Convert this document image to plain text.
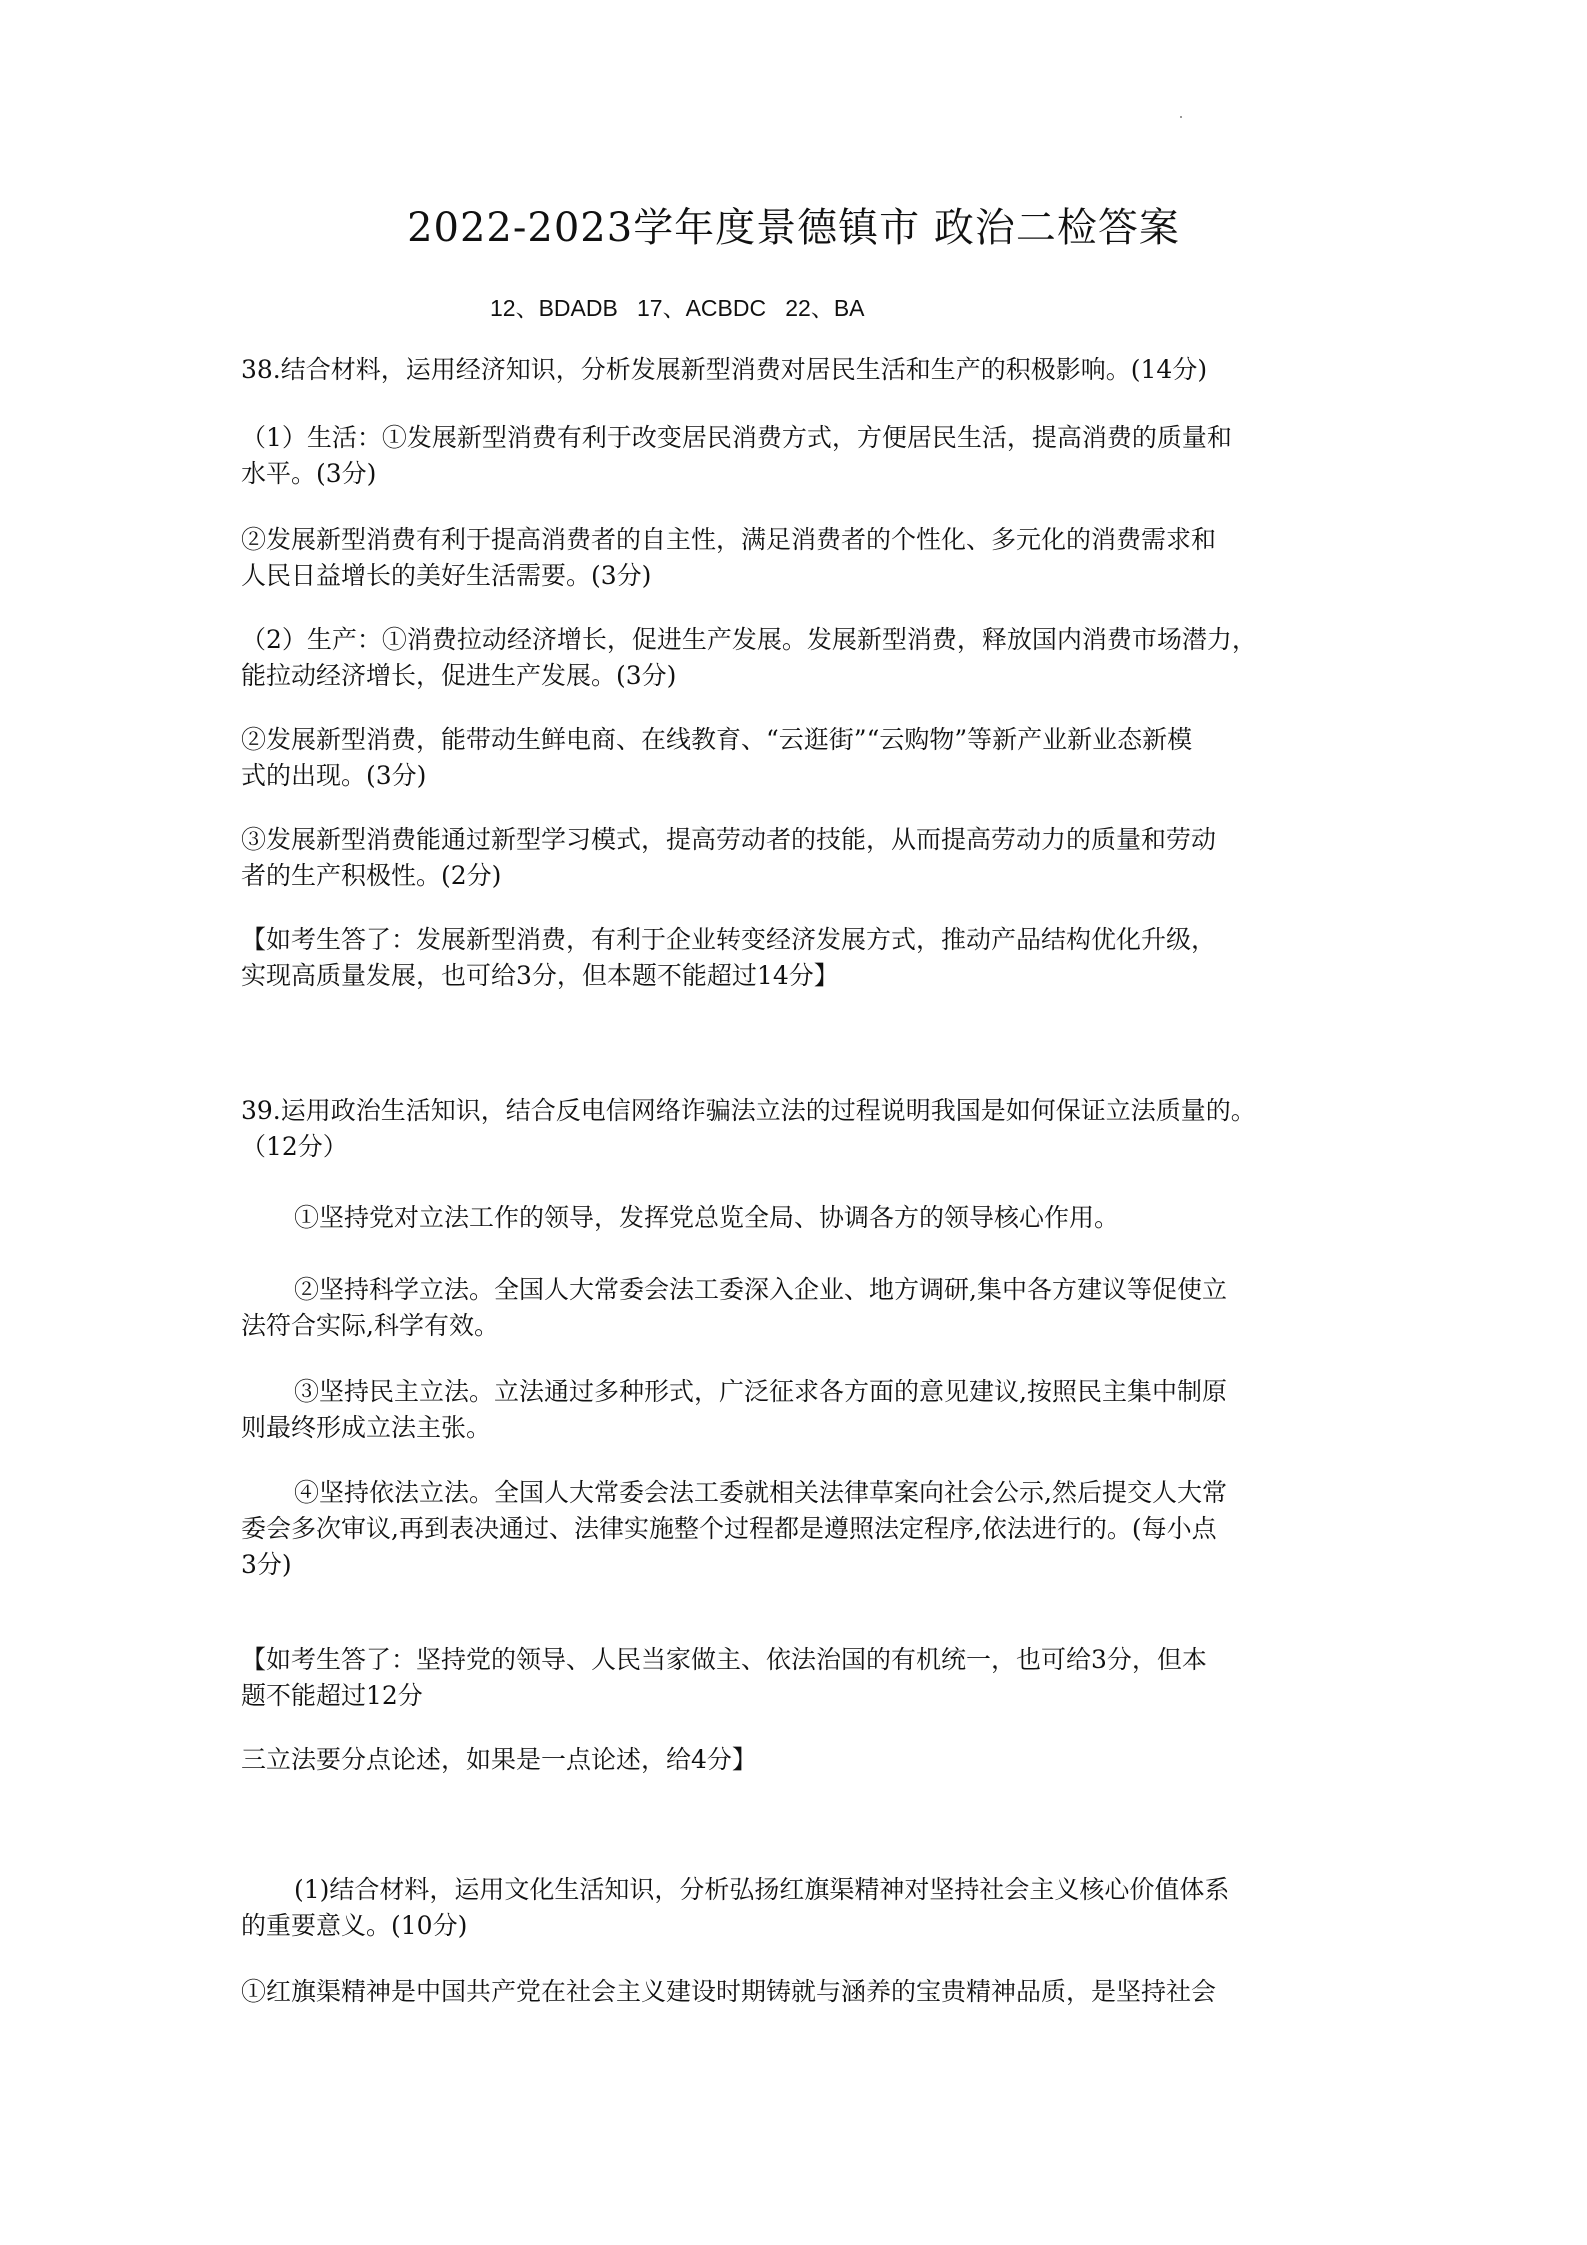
2022-2023学年度景德镇市 政治二检答案
12、BDADB   17、ACBDC   22、BA
38.结合材料，运用经济知识，分析发展新型消费对居民生活和生产的积极影响。(14分)
（1）生活：①发展新型消费有利于改变居民消费方式，方便居民生活，提高消费的质量和
水平。(3分)
②发展新型消费有利于提高消费者的自主性，满足消费者的个性化、多元化的消费需求和
人民日益增长的美好生活需要。(3分)
（2）生产：①消费拉动经济增长，促进生产发展。发展新型消费，释放国内消费市场潜力，
能拉动经济增长，促进生产发展。(3分)
②发展新型消费，能带动生鲜电商、在线教育、“云逛街”“云购物”等新产业新业态新模
式的出现。(3分)
③发展新型消费能通过新型学习模式，提高劳动者的技能，从而提高劳动力的质量和劳动
者的生产积极性。(2分)
【如考生答了：发展新型消费，有利于企业转变经济发展方式，推动产品结构优化升级，
实现高质量发展，也可给3分，但本题不能超过14分】
39.运用政治生活知识，结合反电信网络诈骗法立法的过程说明我国是如何保证立法质量的。
（12分）
①坚持党对立法工作的领导，发挥党总览全局、协调各方的领导核心作用。
②坚持科学立法。全国人大常委会法工委深入企业、地方调研,集中各方建议等促使立
法符合实际,科学有效。
③坚持民主立法。立法通过多种形式，广泛征求各方面的意见建议,按照民主集中制原
则最终形成立法主张。
④坚持依法立法。全国人大常委会法工委就相关法律草案向社会公示,然后提交人大常
委会多次审议,再到表决通过、法律实施整个过程都是遵照法定程序,依法进行的。(每小点
3分)
【如考生答了：坚持党的领导、人民当家做主、依法治国的有机统一，也可给3分，但本
题不能超过12分
三立法要分点论述，如果是一点论述，给4分】
(1)结合材料，运用文化生活知识，分析弘扬红旗渠精神对坚持社会主义核心价值体系
的重要意义。(10分)
①红旗渠精神是中国共产党在社会主义建设时期铸就与涵养的宝贵精神品质，是坚持社会
